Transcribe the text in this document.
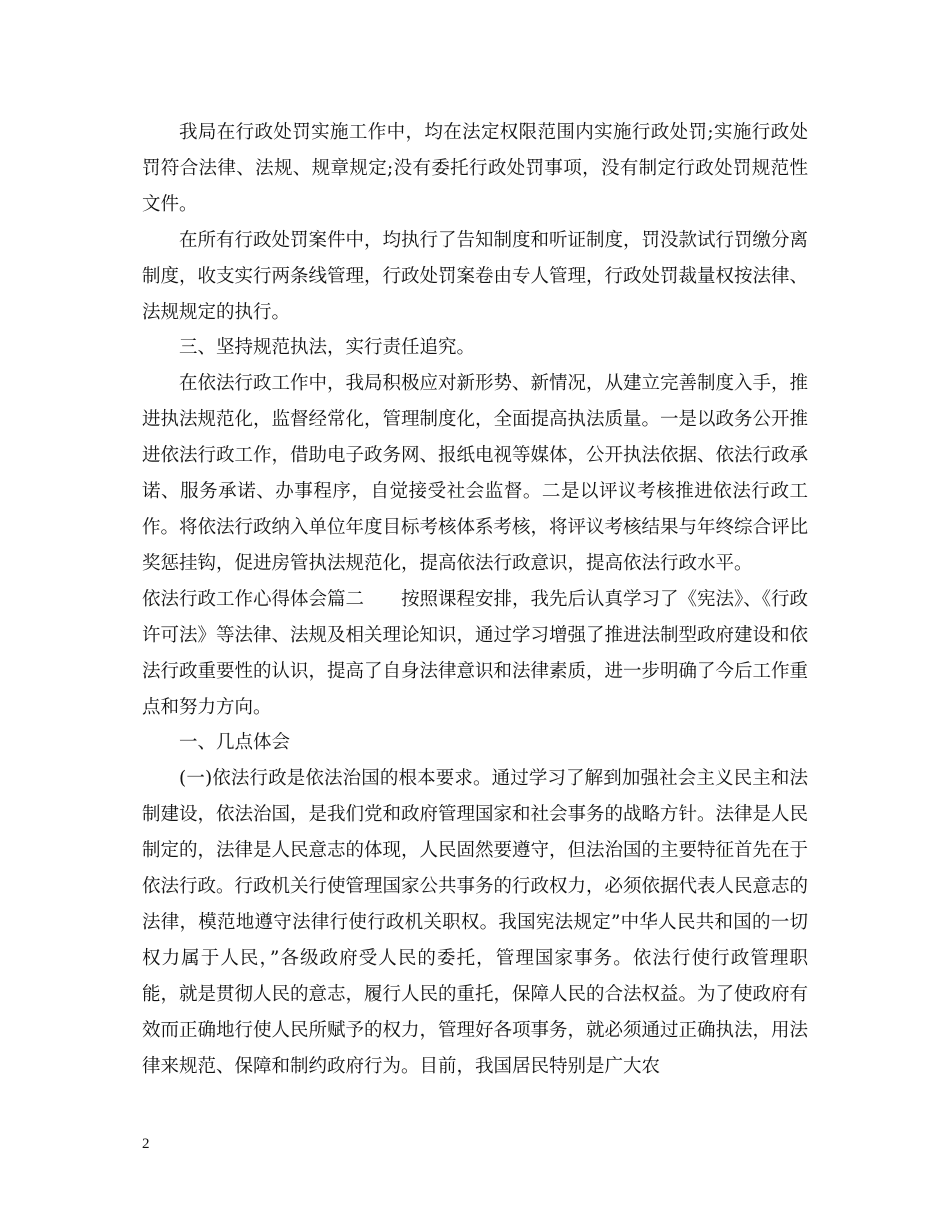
我局在行政处罚实施工作中，均在法定权限范围内实施行政处罚;实施行政处罚符合法律、法规、规章规定;没有委托行政处罚事项，没有制定行政处罚规范性文件。

在所有行政处罚案件中，均执行了告知制度和听证制度，罚没款试行罚缴分离制度，收支实行两条线管理，行政处罚案卷由专人管理，行政处罚裁量权按法律、法规规定的执行。

三、坚持规范执法，实行责任追究。

在依法行政工作中，我局积极应对新形势、新情况，从建立完善制度入手，推进执法规范化，监督经常化，管理制度化，全面提高执法质量。一是以政务公开推进依法行政工作，借助电子政务网、报纸电视等媒体，公开执法依据、依法行政承诺、服务承诺、办事程序，自觉接受社会监督。二是以评议考核推进依法行政工作。将依法行政纳入单位年度目标考核体系考核，将评议考核结果与年终综合评比奖惩挂钩，促进房管执法规范化，提高依法行政意识，提高依法行政水平。

依法行政工作心得体会篇二　　按照课程安排，我先后认真学习了《宪法》、《行政许可法》等法律、法规及相关理论知识，通过学习增强了推进法制型政府建设和依法行政重要性的认识，提高了自身法律意识和法律素质，进一步明确了今后工作重点和努力方向。

一、几点体会

(一)依法行政是依法治国的根本要求。通过学习了解到加强社会主义民主和法制建设，依法治国，是我们党和政府管理国家和社会事务的战略方针。法律是人民制定的，法律是人民意志的体现，人民固然要遵守，但法治国的主要特征首先在于依法行政。行政机关行使管理国家公共事务的行政权力，必须依据代表人民意志的法律，模范地遵守法律行使行政机关职权。我国宪法规定”中华人民共和国的一切权力属于人民，”各级政府受人民的委托，管理国家事务。依法行使行政管理职能，就是贯彻人民的意志，履行人民的重托，保障人民的合法权益。为了使政府有效而正确地行使人民所赋予的权力，管理好各项事务，就必须通过正确执法，用法律来规范、保障和制约政府行为。目前，我国居民特别是广大农

2
